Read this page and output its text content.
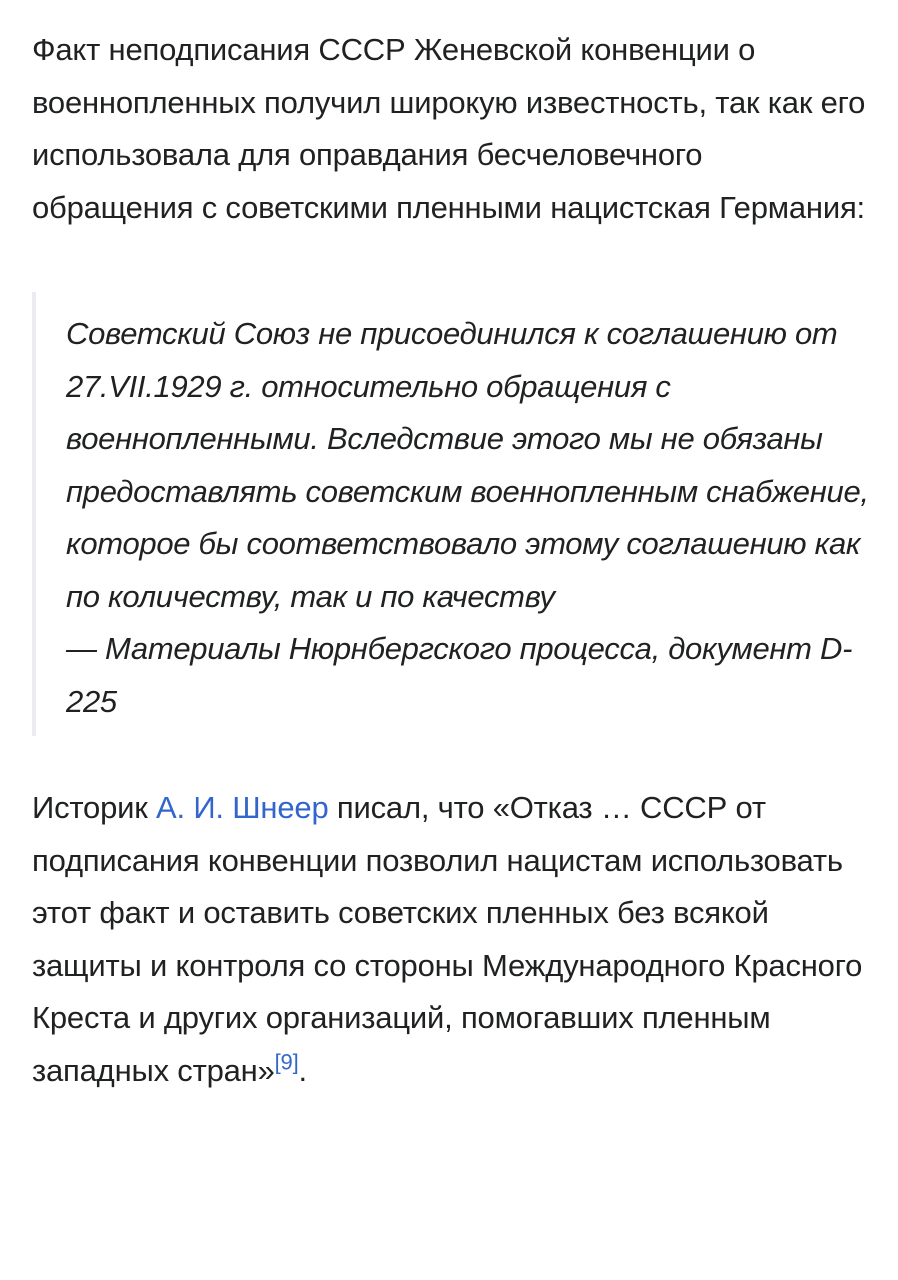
Факт неподписания СССР Женевской конвенции о военнопленных получил широкую известность, так как его использовала для оправдания бесчеловечного обращения с советскими пленными нацистская Германия:

Советский Союз не присоединился к соглашению от 27.VII.1929 г. относительно обращения с военнопленными. Вследствие этого мы не обязаны предоставлять советским военнопленным снабжение, которое бы соответствовало этому соглашению как по количеству, так и по качеству
— Материалы Нюрнбергского процесса, документ D-225

Историк А. И. Шнеер писал, что «Отказ … СССР от подписания конвенции позволил нацистам использовать этот факт и оставить советских пленных без всякой защиты и контроля со стороны Международного Красного Креста и других организаций, помогавших пленным западных стран»[9].
